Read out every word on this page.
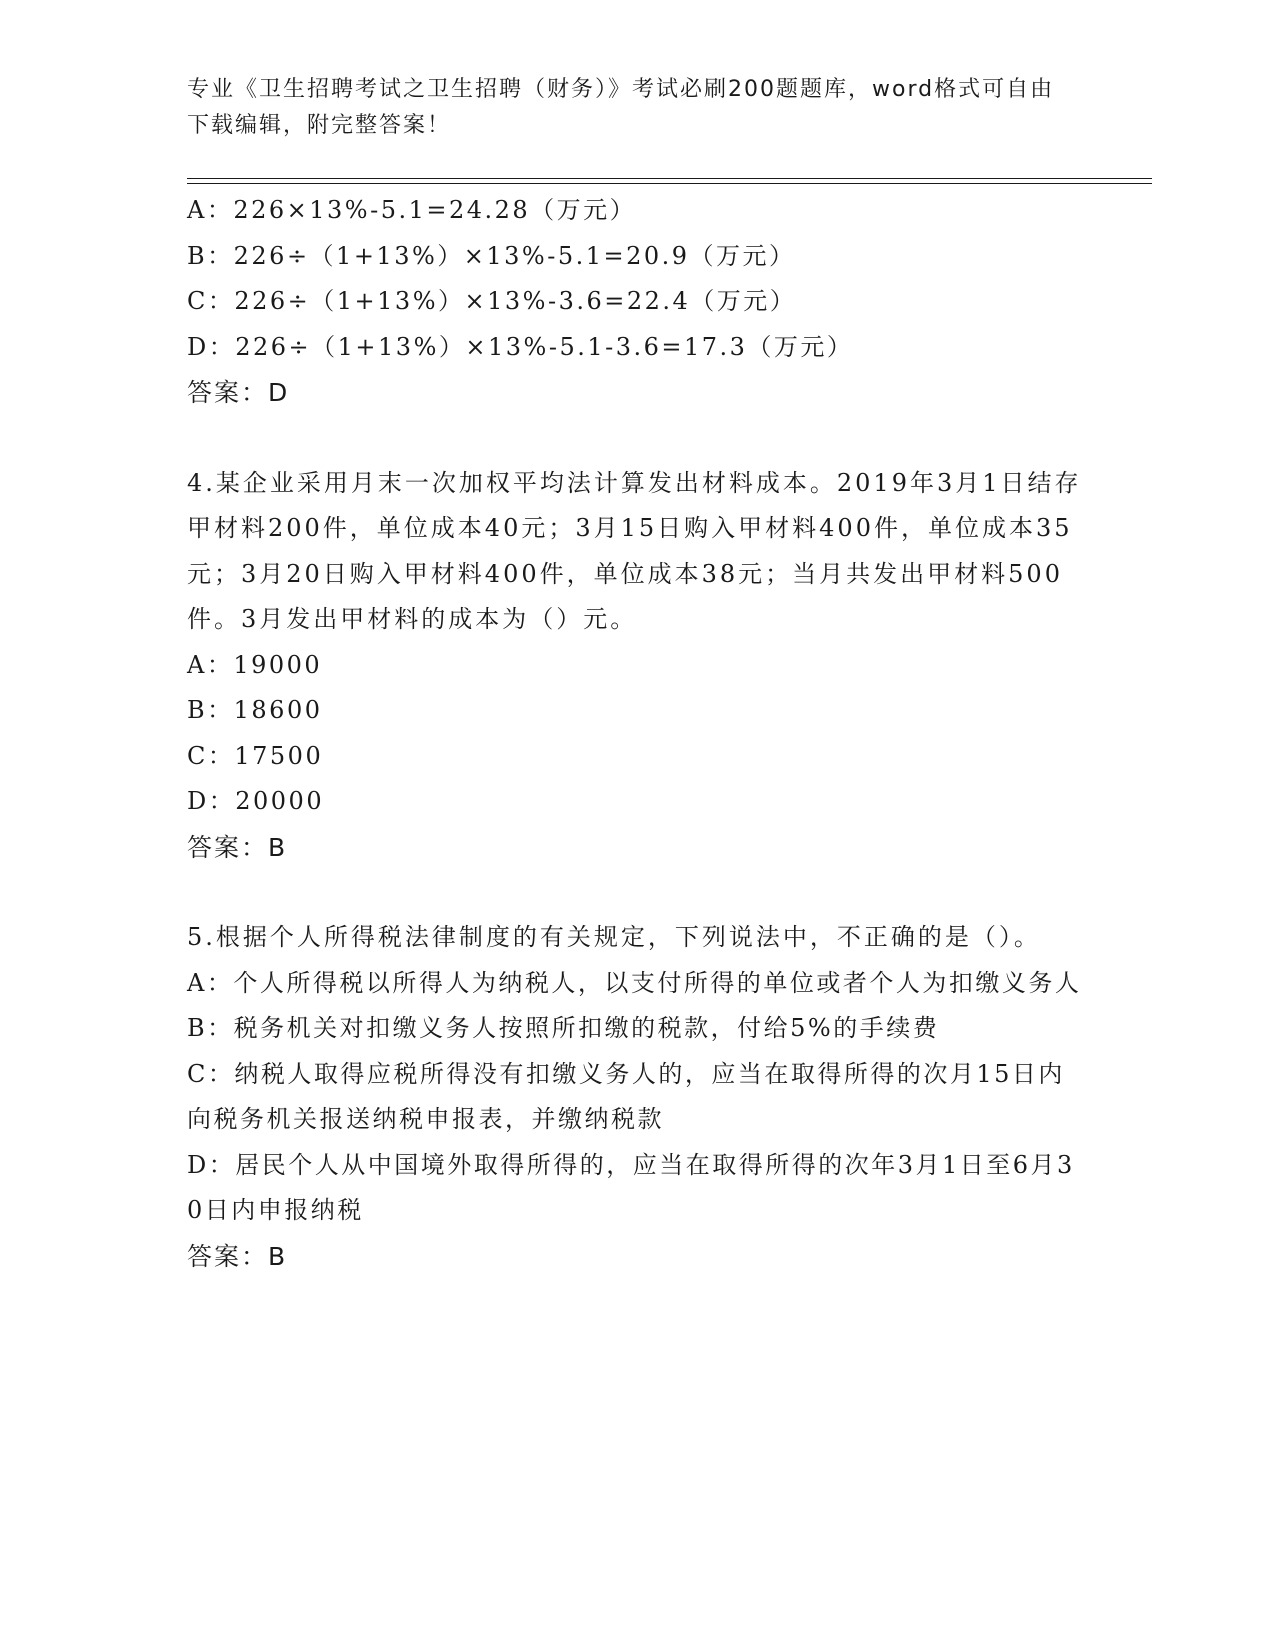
专业《卫生招聘考试之卫生招聘（财务）》考试必刷200题题库，word格式可自由下载编辑，附完整答案！
A：226×13%-5.1=24.28（万元）
B：226÷（1+13%）×13%-5.1=20.9（万元）
C：226÷（1+13%）×13%-3.6=22.4（万元）
D：226÷（1+13%）×13%-5.1-3.6=17.3（万元）
答案：D
4.某企业采用月末一次加权平均法计算发出材料成本。2019年3月1日结存甲材料200件，单位成本40元；3月15日购入甲材料400件，单位成本35元；3月20日购入甲材料400件，单位成本38元；当月共发出甲材料500件。3月发出甲材料的成本为（）元。
A：19000
B：18600
C：17500
D：20000
答案：B
5.根据个人所得税法律制度的有关规定，下列说法中，不正确的是（）。
A：个人所得税以所得人为纳税人，以支付所得的单位或者个人为扣缴义务人
B：税务机关对扣缴义务人按照所扣缴的税款，付给5%的手续费
C：纳税人取得应税所得没有扣缴义务人的，应当在取得所得的次月15日内向税务机关报送纳税申报表，并缴纳税款
D：居民个人从中国境外取得所得的，应当在取得所得的次年3月1日至6月30日内申报纳税
答案：B
